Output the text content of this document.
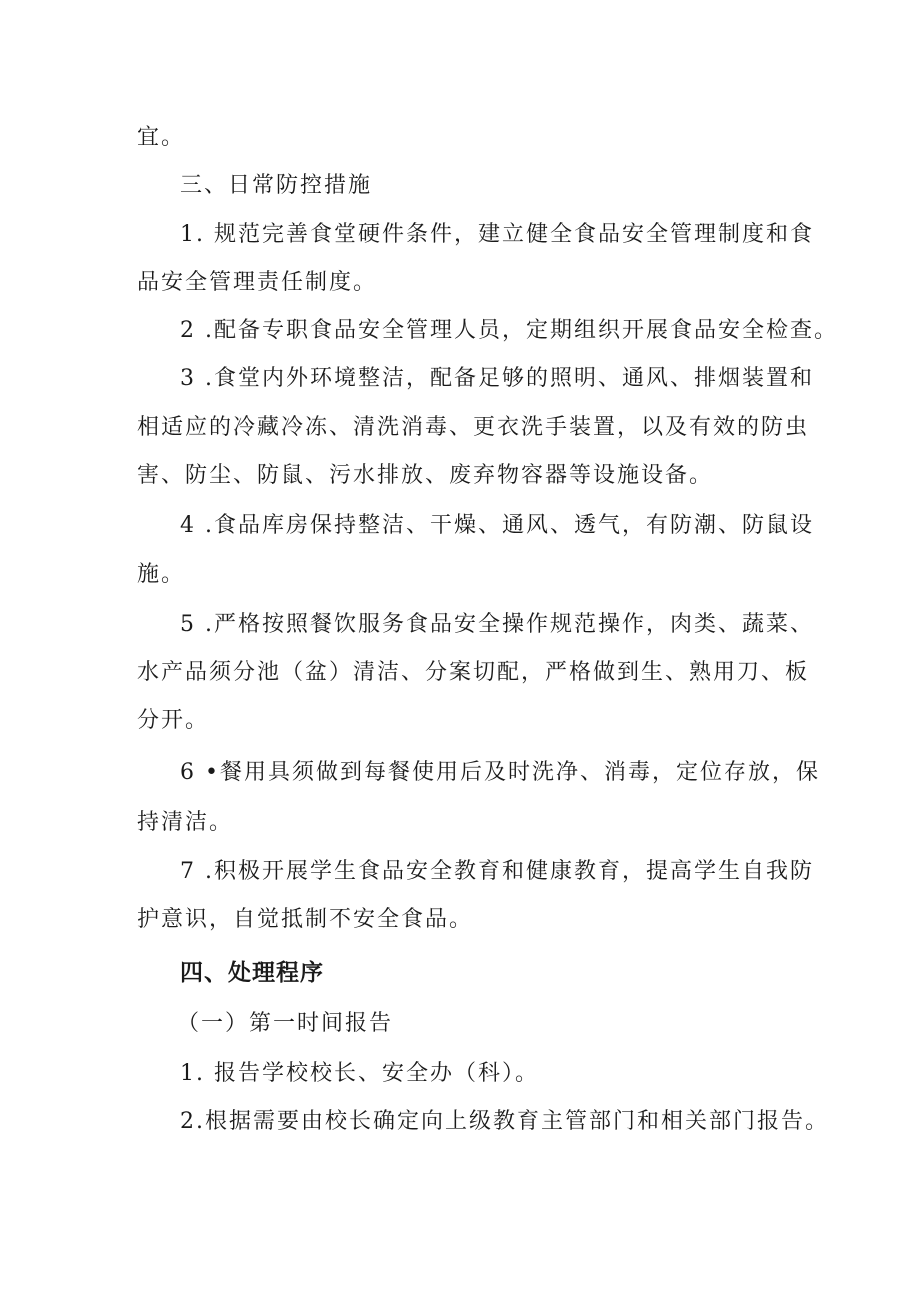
宜。
三、日常防控措施
1. 规范完善食堂硬件条件，建立健全食品安全管理制度和食
品安全管理责任制度。
2 .配备专职食品安全管理人员，定期组织开展食品安全检查。
3 .食堂内外环境整洁，配备足够的照明、通风、排烟装置和
相适应的冷藏冷冻、清洗消毒、更衣洗手装置，以及有效的防虫
害、防尘、防鼠、污水排放、废弃物容器等设施设备。
4 .食品库房保持整洁、干燥、通风、透气，有防潮、防鼠设
施。
5 .严格按照餐饮服务食品安全操作规范操作，肉类、蔬菜、
水产品须分池（盆）清洁、分案切配，严格做到生、熟用刀、板
分开。
6 •餐用具须做到每餐使用后及时洗净、消毒，定位存放，保
持清洁。
7 .积极开展学生食品安全教育和健康教育，提高学生自我防
护意识，自觉抵制不安全食品。
四、处理程序
（一）第一时间报告
1. 报告学校校长、安全办（科）。
2.根据需要由校长确定向上级教育主管部门和相关部门报告。
